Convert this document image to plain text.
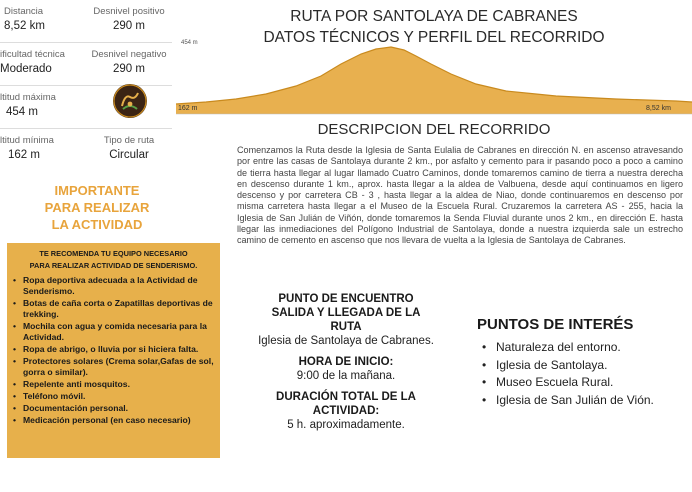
Distancia
8,52 km
Desnivel positivo
290 m
ificultad técnica
Moderado
Desnivel negativo
290 m
ltitud máxima
454 m
ltitud mínima
162 m
Tipo de ruta
Circular
IMPORTANTE
PARA REALIZAR
LA ACTIVIDAD
TE RECOMENDA TU EQUIPO NECESARIO
PARA REALIZAR ACTIVIDAD DE SENDERISMO.
• Ropa deportiva adecuada a la Actividad de Senderismo.
• Botas de caña corta o Zapatillas deportivas de trekking.
• Mochila con agua y comida necesaria para la Actividad.
• Ropa de abrigo, o lluvia por si hiciera falta.
• Protectores solares (Crema solar,Gafas de sol, gorra o similar).
• Repelente anti mosquitos.
• Teléfono móvil.
• Documentación personal.
• Medicación personal (en caso necesario)
RUTA POR SANTOLAYA DE CABRANES
DATOS TÉCNICOS Y PERFIL DEL RECORRIDO
454 m
162 m	8,52 km
DESCRIPCION DEL RECORRIDO
Comenzamos la Ruta desde la Iglesia de Santa Eulalia de Cabranes en dirección N. en ascenso atravesando por entre las casas de Santolaya durante 2 km., por asfalto y cemento para ir pasando poco a poco a camino de tierra hasta llegar al lugar llamado Cuatro Caminos, donde tomaremos camino de tierra a nuestra derecha en descenso durante 1 km., aprox. hasta llegar a la aldea de Valbuena, desde aquí continuamos en ligero descenso y por carretera CB - 3 , hasta llegar a la aldea de Niao, donde continuaremos en descenso por misma carretera hasta llegar a el Museo de la Escuela Rural. Cruzaremos la carretera AS - 255, hacia la Iglesia de San Julián de Viñón, donde tomaremos la Senda Fluvial durante unos 2 km., en dirección E. hasta llegar las inmediaciones del Polígono Industrial de Santolaya, donde a nuestra izquierda sale un estrecho camino de cemento en ascenso que nos llevara de vuelta a la Iglesia de Santolaya de Cabranes.
PUNTO DE ENCUENTRO
SALIDA Y LLEGADA DE LA
RUTA
Iglesia de Santolaya de Cabranes.
HORA DE INICIO:
9:00 de la mañana.
DURACIÓN TOTAL DE LA
ACTIVIDAD:
5 h. aproximadamente.
PUNTOS DE INTERÉS
• Naturaleza del entorno.
• Iglesia de Santolaya.
• Museo Escuela Rural.
• Iglesia de San Julián de Vión.
